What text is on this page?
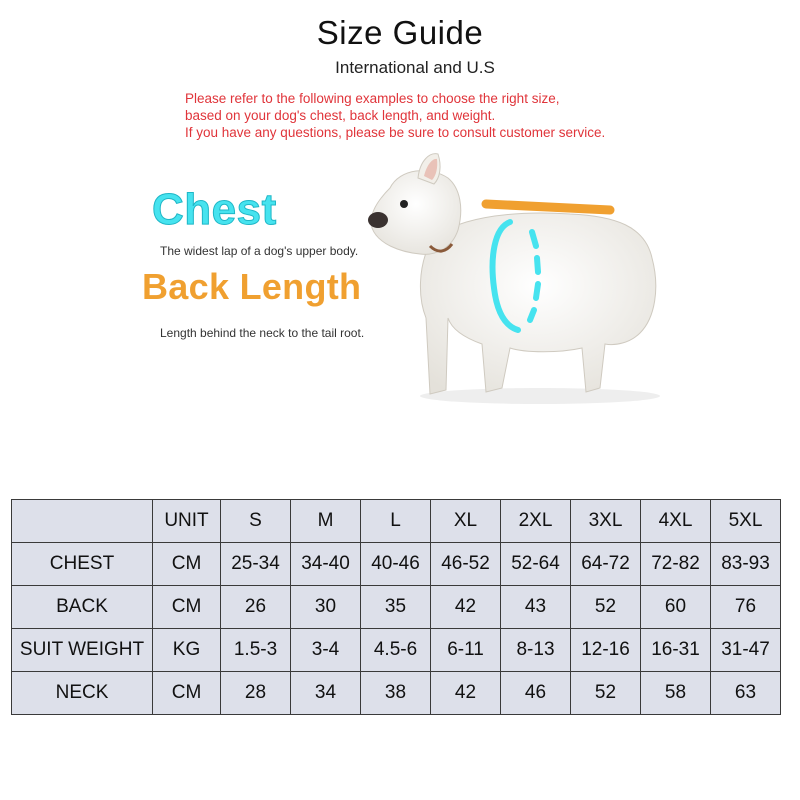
Size Guide
International and U.S
Please refer to the following examples to choose the right size,
based on your dog's chest, back length, and weight.
If you have any questions, please be sure to consult customer service.
Chest
The widest lap of a dog's upper body.
Back Length
Length behind the neck to the tail root.
	UNIT	S	M	L	XL	2XL	3XL	4XL	5XL
CHEST	CM	25-34	34-40	40-46	46-52	52-64	64-72	72-82	83-93
BACK	CM	26	30	35	42	43	52	60	76
SUIT WEIGHT	KG	1.5-3	3-4	4.5-6	6-11	8-13	12-16	16-31	31-47
NECK	CM	28	34	38	42	46	52	58	63
